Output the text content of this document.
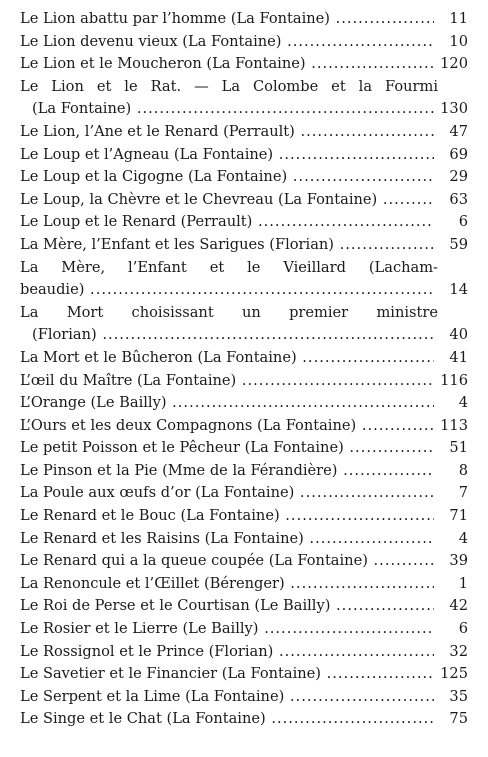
Le Lion abattu par l’homme (La Fontaine) .....	11
Le Lion devenu vieux (La Fontaine) .....	10
Le Lion et le Moucheron (La Fontaine) .....	120
Le Lion et le Rat. — La Colombe et la Fourmi
(La Fontaine) .....	130
Le Lion, l’Ane et le Renard (Perrault) .....	47
Le Loup et l’Agneau (La Fontaine) .....	69
Le Loup et la Cigogne (La Fontaine) .....	29
Le Loup, la Chèvre et le Chevreau (La Fontaine) .....	63
Le Loup et le Renard (Perrault) .....	6
La Mère, l’Enfant et les Sarigues (Florian) .....	59
La Mère, l’Enfant et le Vieillard (Lacham-
beaudie) .....	14
La Mort choisissant un premier ministre
(Florian) .....	40
La Mort et le Bûcheron (La Fontaine) .....	41
L’œil du Maître (La Fontaine) .....	116
L’Orange (Le Bailly) .....	4
L’Ours et les deux Compagnons (La Fontaine) .....	113
Le petit Poisson et le Pêcheur (La Fontaine) .....	51
Le Pinson et la Pie (Mme de la Férandière) .....	8
La Poule aux œufs d’or (La Fontaine) .....	7
Le Renard et le Bouc (La Fontaine) .....	71
Le Renard et les Raisins (La Fontaine) .....	4
Le Renard qui a la queue coupée (La Fontaine) .....	39
La Renoncule et l’Œillet (Bérenger) .....	1
Le Roi de Perse et le Courtisan (Le Bailly) .....	42
Le Rosier et le Lierre (Le Bailly) .....	6
Le Rossignol et le Prince (Florian) .....	32
Le Savetier et le Financier (La Fontaine) .....	125
Le Serpent et la Lime (La Fontaine) .....	35
Le Singe et le Chat (La Fontaine) .....	75
